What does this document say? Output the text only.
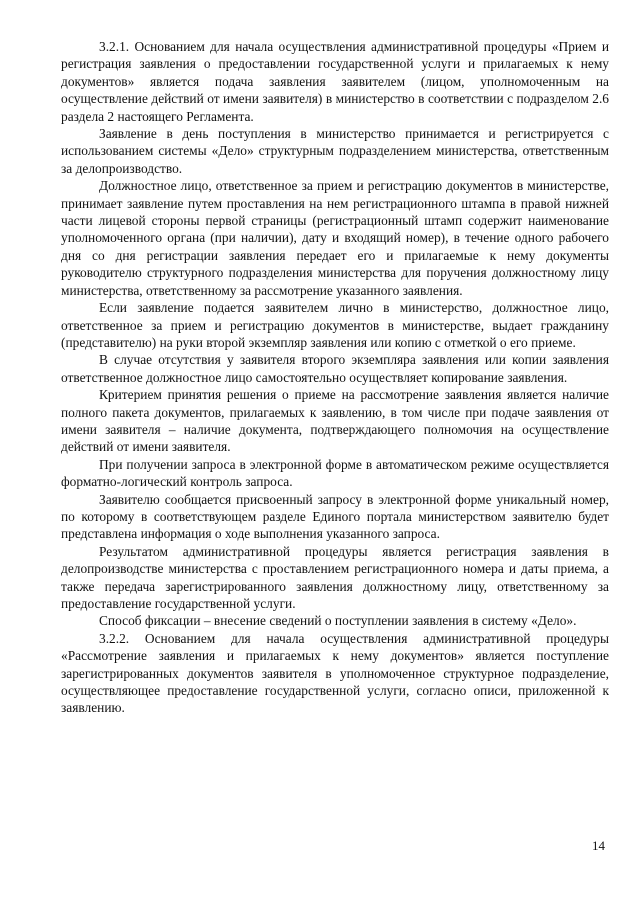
3.2.1. Основанием для начала осуществления административной процедуры «Прием и регистрация заявления о предоставлении государственной услуги и прилагаемых к нему документов» является подача заявления заявителем (лицом, уполномоченным на осуществление действий от имени заявителя) в министерство в соответствии с подразделом 2.6 раздела 2 настоящего Регламента.

Заявление в день поступления в министерство принимается и регистрируется с использованием системы «Дело» структурным подразделением министерства, ответственным за делопроизводство.

Должностное лицо, ответственное за прием и регистрацию документов в министерстве, принимает заявление путем проставления на нем регистрационного штампа в правой нижней части лицевой стороны первой страницы (регистрационный штамп содержит наименование уполномоченного органа (при наличии), дату и входящий номер), в течение одного рабочего дня со дня регистрации заявления передает его и прилагаемые к нему документы руководителю структурного подразделения министерства для поручения должностному лицу министерства, ответственному за рассмотрение указанного заявления.

Если заявление подается заявителем лично в министерство, должностное лицо, ответственное за прием и регистрацию документов в министерстве, выдает гражданину (представителю) на руки второй экземпляр заявления или копию с отметкой о его приеме.

В случае отсутствия у заявителя второго экземпляра заявления или копии заявления ответственное должностное лицо самостоятельно осуществляет копирование заявления.

Критерием принятия решения о приеме на рассмотрение заявления является наличие полного пакета документов, прилагаемых к заявлению, в том числе при подаче заявления от имени заявителя – наличие документа, подтверждающего полномочия на осуществление действий от имени заявителя.

При получении запроса в электронной форме в автоматическом режиме осуществляется форматно-логический контроль запроса.

Заявителю сообщается присвоенный запросу в электронной форме уникальный номер, по которому в соответствующем разделе Единого портала министерством заявителю будет представлена информация о ходе выполнения указанного запроса.

Результатом административной процедуры является регистрация заявления в делопроизводстве министерства с проставлением регистрационного номера и даты приема, а также передача зарегистрированного заявления должностному лицу, ответственному за предоставление государственной услуги.

Способ фиксации – внесение сведений о поступлении заявления в систему «Дело».

3.2.2. Основанием для начала осуществления административной процедуры «Рассмотрение заявления и прилагаемых к нему документов» является поступление зарегистрированных документов заявителя в уполномоченное структурное подразделение, осуществляющее предоставление государственной услуги, согласно описи, приложенной к заявлению.

14
